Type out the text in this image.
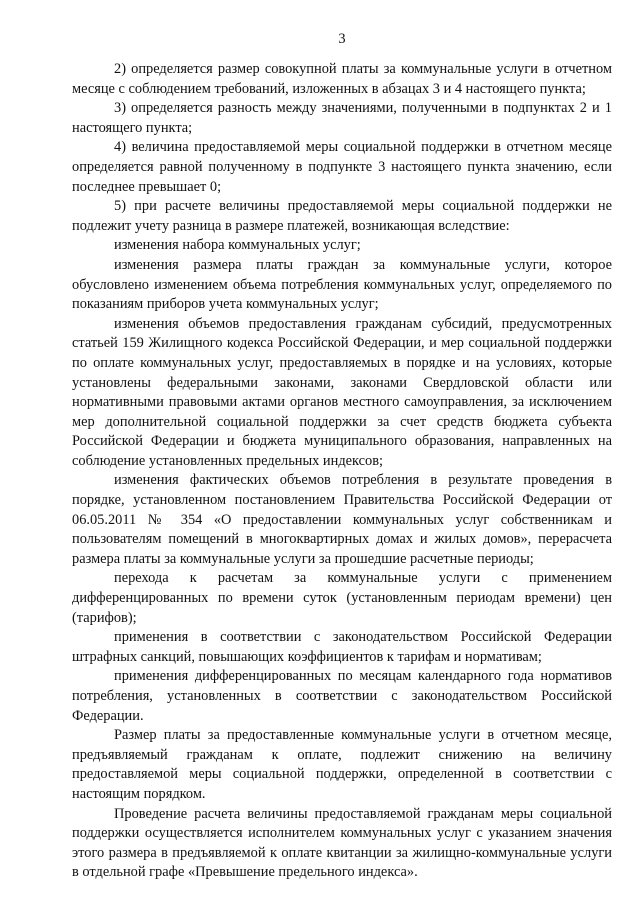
3

2) определяется размер совокупной платы за коммунальные услуги в отчетном месяце с соблюдением требований, изложенных в абзацах 3 и 4 настоящего пункта;

3) определяется разность между значениями, полученными в подпунктах 2 и 1 настоящего пункта;

4) величина предоставляемой меры социальной поддержки в отчетном месяце определяется равной полученному в подпункте 3 настоящего пункта значению, если последнее превышает 0;

5) при расчете величины предоставляемой меры социальной поддержки не подлежит учету разница в размере платежей, возникающая вследствие:

изменения набора коммунальных услуг;

изменения размера платы граждан за коммунальные услуги, которое обусловлено изменением объема потребления коммунальных услуг, определяемого по показаниям приборов учета коммунальных услуг;

изменения объемов предоставления гражданам субсидий, предусмотренных статьей 159 Жилищного кодекса Российской Федерации, и мер социальной поддержки по оплате коммунальных услуг, предоставляемых в порядке и на условиях, которые установлены федеральными законами, законами Свердловской области или нормативными правовыми актами органов местного самоуправления, за исключением мер дополнительной социальной поддержки за счет средств бюджета субъекта Российской Федерации и бюджета муниципального образования, направленных на соблюдение установленных предельных индексов;

изменения фактических объемов потребления в результате проведения в порядке, установленном постановлением Правительства Российской Федерации от 06.05.2011 № 354 «О предоставлении коммунальных услуг собственникам и пользователям помещений в многоквартирных домах и жилых домов», перерасчета размера платы за коммунальные услуги за прошедшие расчетные периоды;

перехода к расчетам за коммунальные услуги с применением дифференцированных по времени суток (установленным периодам времени) цен (тарифов);

применения в соответствии с законодательством Российской Федерации штрафных санкций, повышающих коэффициентов к тарифам и нормативам;

применения дифференцированных по месяцам календарного года нормативов потребления, установленных в соответствии с законодательством Российской Федерации.

Размер платы за предоставленные коммунальные услуги в отчетном месяце, предъявляемый гражданам к оплате, подлежит снижению на величину предоставляемой меры социальной поддержки, определенной в соответствии с настоящим порядком.

Проведение расчета величины предоставляемой гражданам меры социальной поддержки осуществляется исполнителем коммунальных услуг с указанием значения этого размера в предъявляемой к оплате квитанции за жилищно-коммунальные услуги в отдельной графе «Превышение предельного индекса».
